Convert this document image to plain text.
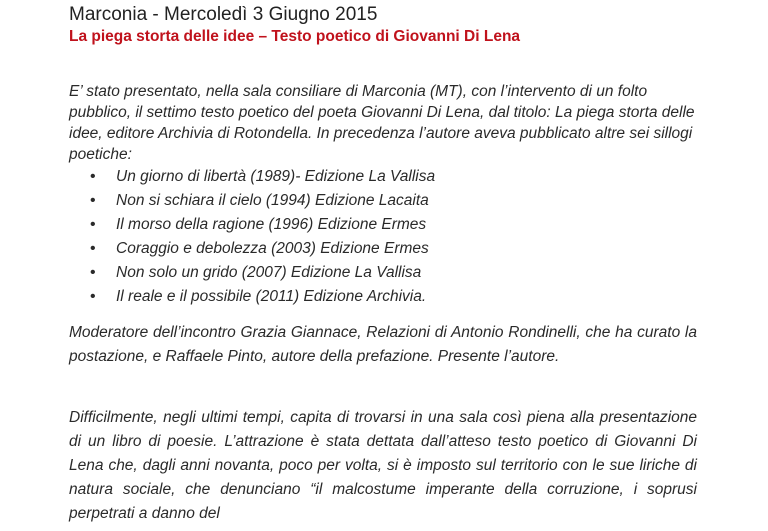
Marconia - Mercoledì 3 Giugno 2015
La piega storta delle idee – Testo poetico di Giovanni Di Lena

E’ stato presentato, nella sala consiliare di Marconia (MT), con l’intervento di un folto pubblico, il settimo testo poetico del poeta Giovanni Di Lena, dal titolo: La piega storta delle idee, editore Archivia di Rotondella. In precedenza l’autore aveva pubblicato altre sei sillogi poetiche:

• Un giorno di libertà (1989)- Edizione La Vallisa
• Non si schiara il cielo (1994) Edizione Lacaita
• Il morso della ragione (1996) Edizione Ermes
• Coraggio e debolezza (2003) Edizione Ermes
• Non solo un grido (2007) Edizione La Vallisa
• Il reale e il possibile (2011) Edizione Archivia.

Moderatore dell’incontro Grazia Giannace, Relazioni di Antonio Rondinelli, che ha curato la postazione, e Raffaele Pinto, autore della prefazione. Presente l’autore.

Difficilmente, negli ultimi tempi, capita di trovarsi in una sala così piena alla presentazione di un libro di poesie. L’attrazione è stata dettata dall’atteso testo poetico di Giovanni Di Lena che, dagli anni novanta, poco per volta, si è imposto sul territorio con le sue liriche di natura sociale, che denunciano “il malcostume imperante della corruzione, i soprusi perpetrati a danno del
